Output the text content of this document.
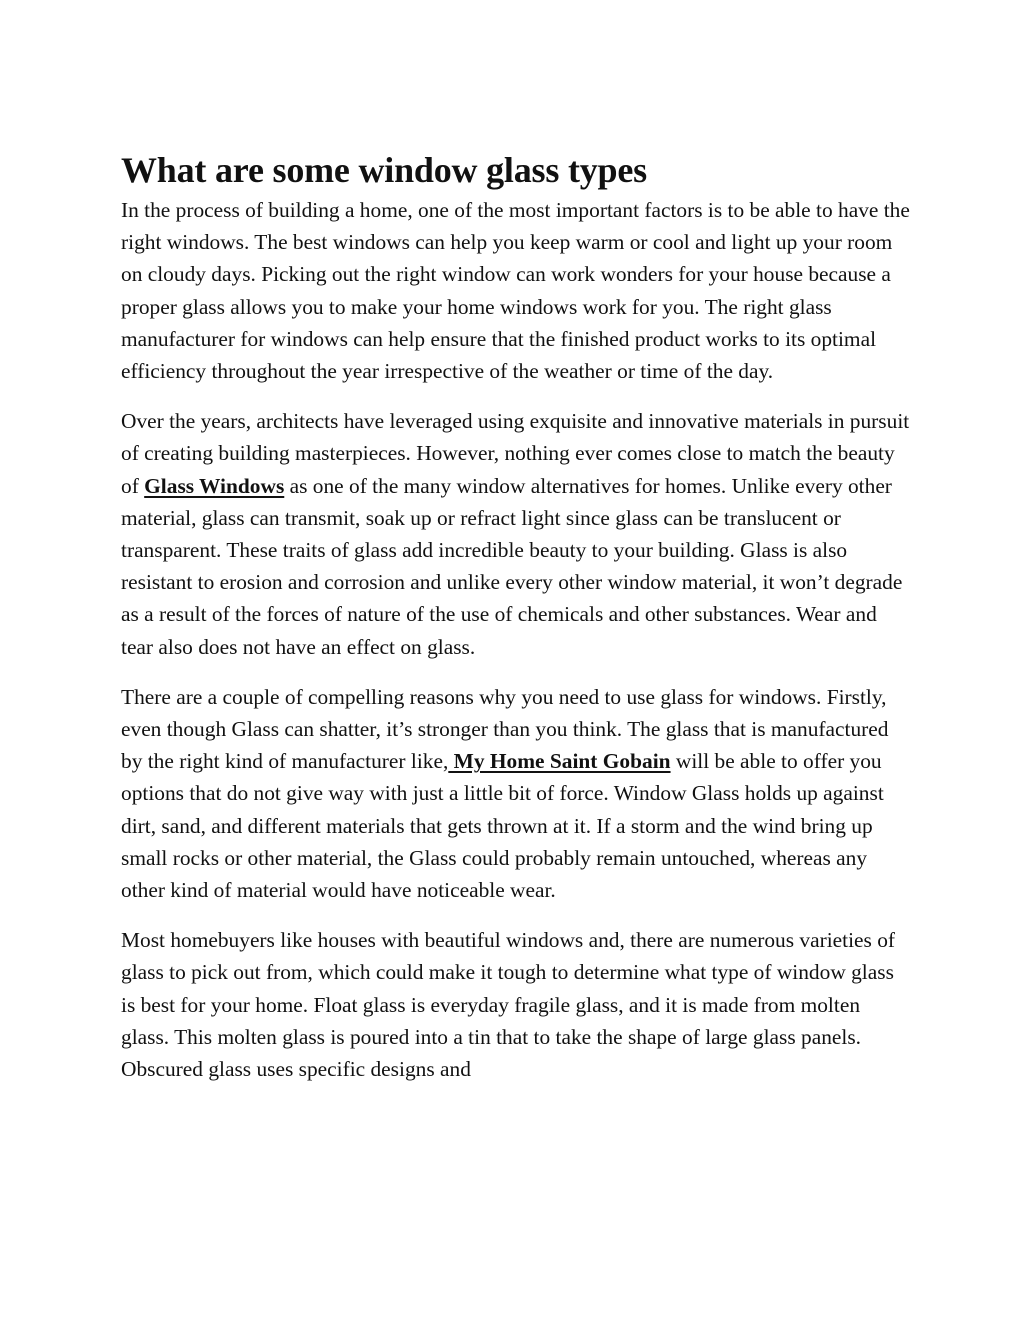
What are some window glass types

In the process of building a home, one of the most important factors is to be able to have the right windows. The best windows can help you keep warm or cool and light up your room on cloudy days. Picking out the right window can work wonders for your house because a proper glass allows you to make your home windows work for you. The right glass manufacturer for windows can help ensure that the finished product works to its optimal efficiency throughout the year irrespective of the weather or time of the day.

Over the years, architects have leveraged using exquisite and innovative materials in pursuit of creating building masterpieces. However, nothing ever comes close to match the beauty of Glass Windows as one of the many window alternatives for homes. Unlike every other material, glass can transmit, soak up or refract light since glass can be translucent or transparent. These traits of glass add incredible beauty to your building. Glass is also resistant to erosion and corrosion and unlike every other window material, it won’t degrade as a result of the forces of nature of the use of chemicals and other substances. Wear and tear also does not have an effect on glass.

There are a couple of compelling reasons why you need to use glass for windows. Firstly, even though Glass can shatter, it’s stronger than you think. The glass that is manufactured by the right kind of manufacturer like, My Home Saint Gobain will be able to offer you options that do not give way with just a little bit of force. Window Glass holds up against dirt, sand, and different materials that gets thrown at it. If a storm and the wind bring up small rocks or other material, the Glass could probably remain untouched, whereas any other kind of material would have noticeable wear.

Most homebuyers like houses with beautiful windows and, there are numerous varieties of glass to pick out from, which could make it tough to determine what type of window glass is best for your home. Float glass is everyday fragile glass, and it is made from molten glass. This molten glass is poured into a tin that to take the shape of large glass panels. Obscured glass uses specific designs and
